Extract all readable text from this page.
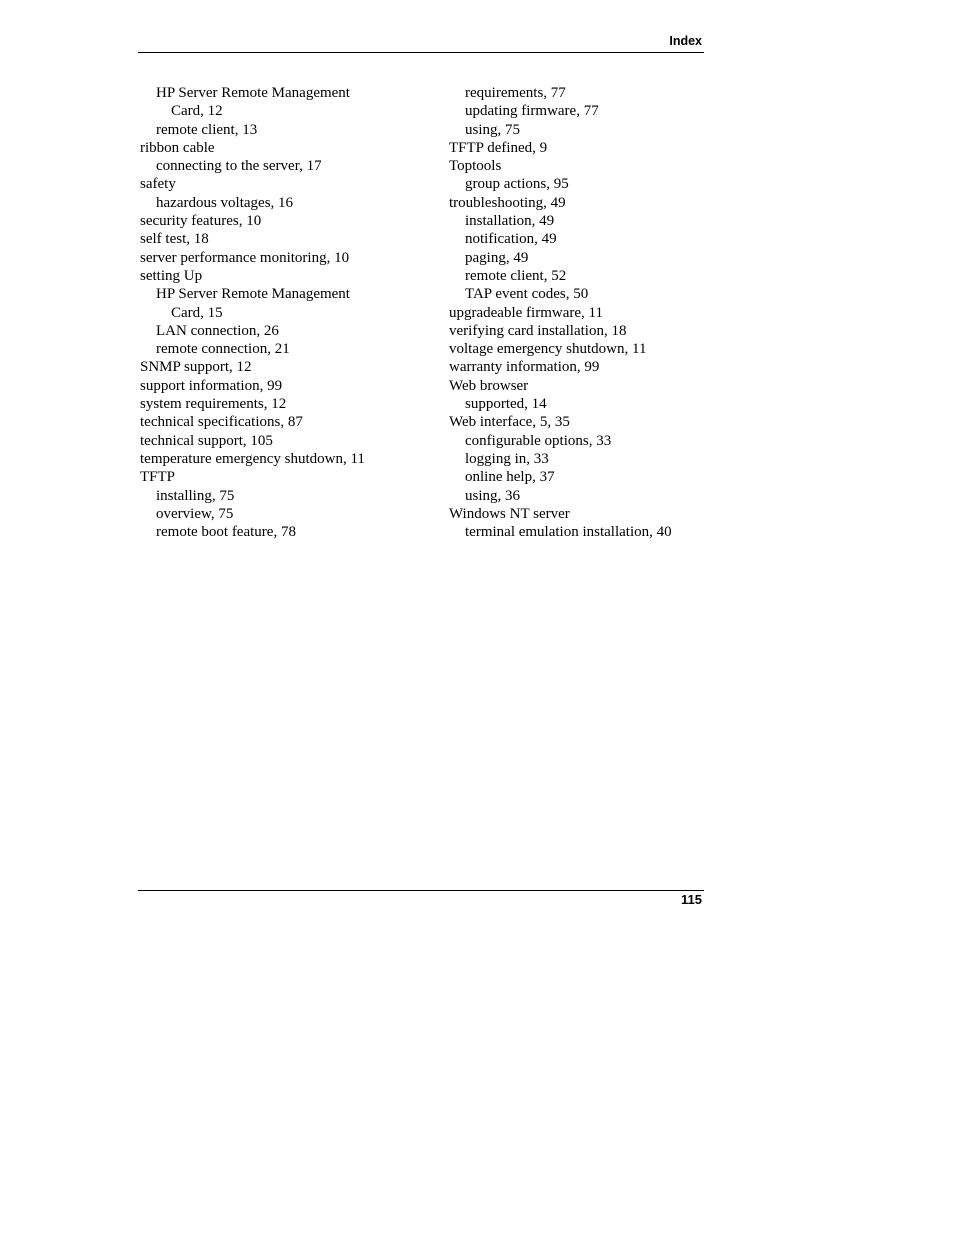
Index
HP Server Remote Management
Card, 12
remote client, 13
ribbon cable
connecting to the server, 17
safety
hazardous voltages, 16
security features, 10
self test, 18
server performance monitoring, 10
setting Up
HP Server Remote Management
Card, 15
LAN connection, 26
remote connection, 21
SNMP support, 12
support information, 99
system requirements, 12
technical specifications, 87
technical support, 105
temperature emergency shutdown, 11
TFTP
installing, 75
overview, 75
remote boot feature, 78
requirements, 77
updating firmware, 77
using, 75
TFTP defined, 9
Toptools
group actions, 95
troubleshooting, 49
installation, 49
notification, 49
paging, 49
remote client, 52
TAP event codes, 50
upgradeable firmware, 11
verifying card installation, 18
voltage emergency shutdown, 11
warranty information, 99
Web browser
supported, 14
Web interface, 5, 35
configurable options, 33
logging in, 33
online help, 37
using, 36
Windows NT server
terminal emulation installation, 40
115
